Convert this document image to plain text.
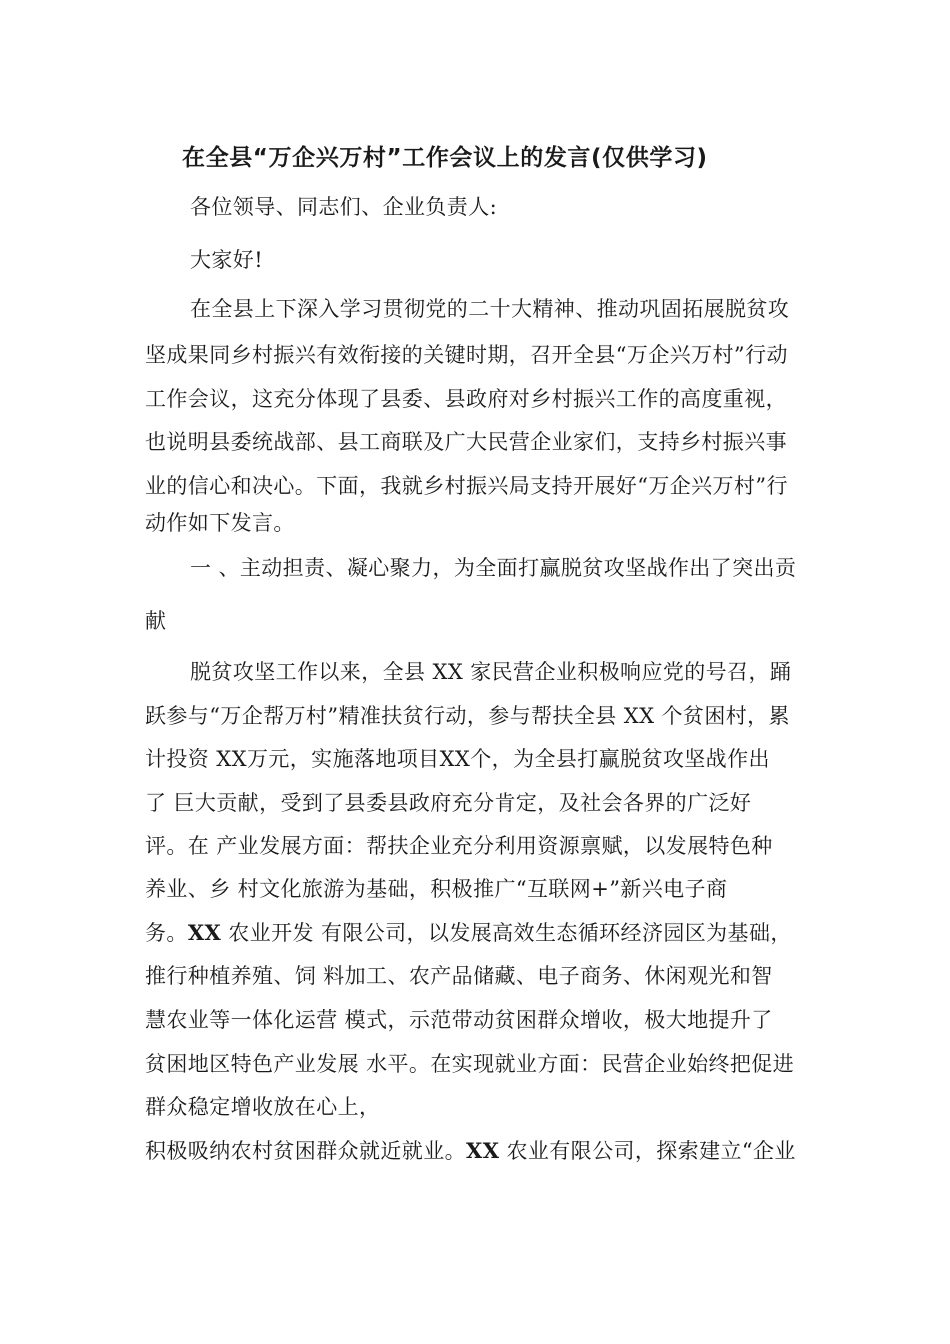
在全县“万企兴万村”工作会议上的发言(仅供学习)
各位领导、同志们、企业负责人:
大家好!
在全县上下深入学习贯彻党的二十大精神、推动巩固拓展脱贫攻
坚成果同乡村振兴有效衔接的关键时期，召开全县“万企兴万村”行动
工作会议，这充分体现了县委、县政府对乡村振兴工作的高度重视，
也说明县委统战部、县工商联及广大民营企业家们，支持乡村振兴事
业的信心和决心。下面，我就乡村振兴局支持开展好“万企兴万村”行
动作如下发言。
一 、主动担责、凝心聚力，为全面打赢脱贫攻坚战作出了突出贡
献
脱贫攻坚工作以来，全县 XX 家民营企业积极响应党的号召，踊
跃参与“万企帮万村”精准扶贫行动，参与帮扶全县 XX 个贫困村，累
计投资 XX万元，实施落地项目XX个，为全县打赢脱贫攻坚战作出
了 巨大贡献，受到了县委县政府充分肯定，及社会各界的广泛好
评。在 产业发展方面：帮扶企业充分利用资源禀赋，以发展特色种
养业、乡 村文化旅游为基础，积极推广“互联网+”新兴电子商
务。XX 农业开发 有限公司，以发展高效生态循环经济园区为基础，
推行种植养殖、饲 料加工、农产品储藏、电子商务、休闲观光和智
慧农业等一体化运营 模式，示范带动贫困群众增收，极大地提升了
贫困地区特色产业发展 水平。在实现就业方面：民营企业始终把促进
群众稳定增收放在心上，
积极吸纳农村贫困群众就近就业。XX 农业有限公司，探索建立“企业
